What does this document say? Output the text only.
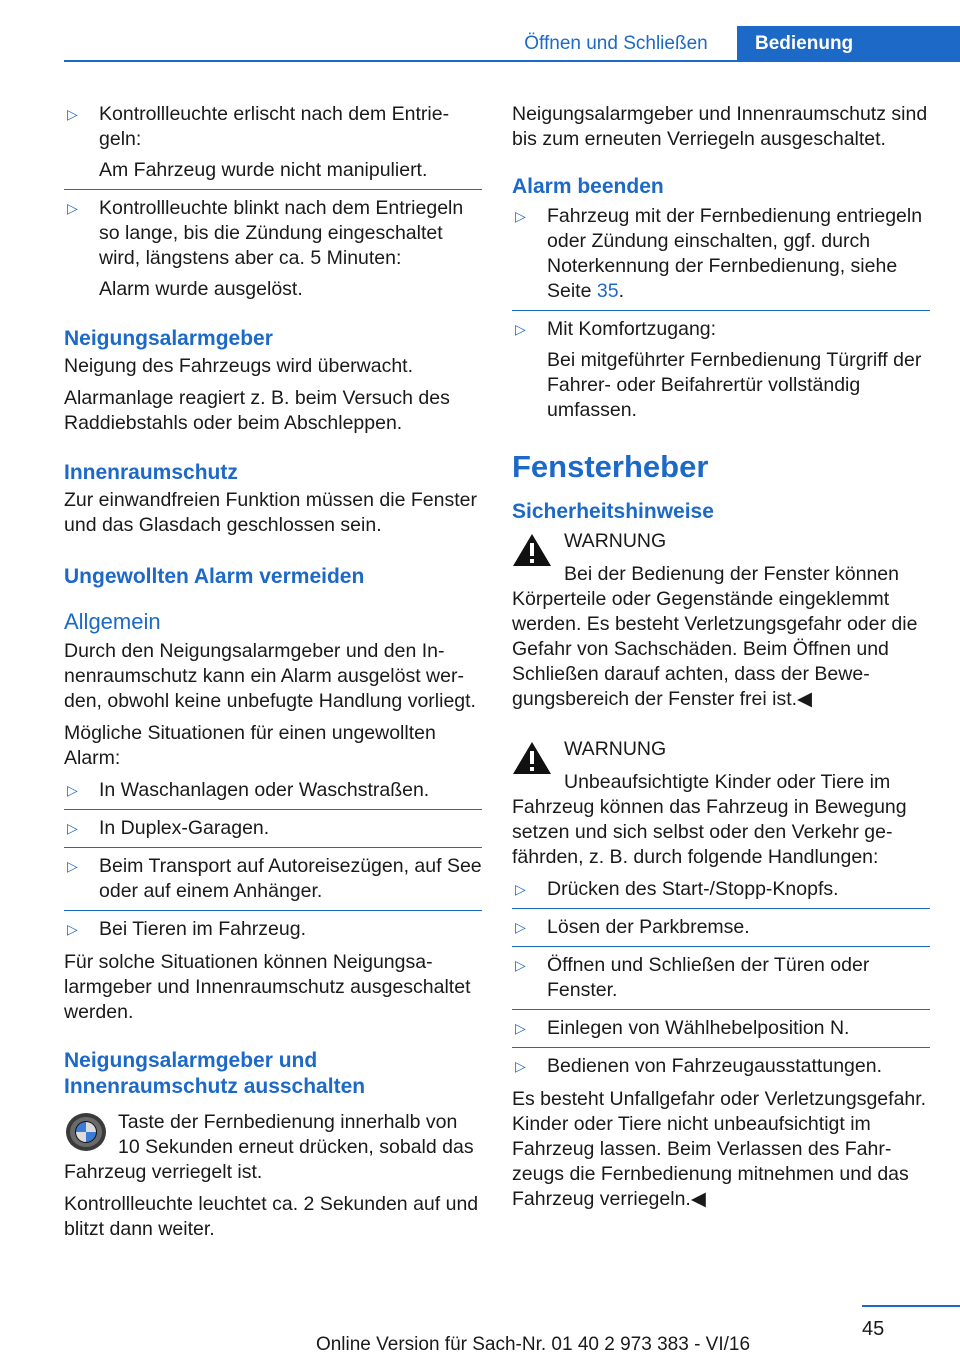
Öffnen und Schließen	Bedienung
▷ Kontrollleuchte erlischt nach dem Entriegeln:
Am Fahrzeug wurde nicht manipuliert.
▷ Kontrollleuchte blinkt nach dem Entriegeln so lange, bis die Zündung eingeschaltet wird, längstens aber ca. 5 Minuten:
Alarm wurde ausgelöst.
Neigungsalarmgeber

Neigung des Fahrzeugs wird überwacht.

Alarmanlage reagiert z. B. beim Versuch des Raddiebstahls oder beim Abschleppen.

Innenraumschutz

Zur einwandfreien Funktion müssen die Fenster und das Glasdach geschlossen sein.

Ungewollten Alarm vermeiden
Allgemein

Durch den Neigungsalarmgeber und den Innenraumschutz kann ein Alarm ausgelöst werden, obwohl keine unbefugte Handlung vorliegt.

Mögliche Situationen für einen ungewollten Alarm:

▷ In Waschanlagen oder Waschstraßen.
▷ In Duplex-Garagen.
▷ Beim Transport auf Autoreisezügen, auf See oder auf einem Anhänger.
▷ Bei Tieren im Fahrzeug.

Für solche Situationen können Neigungsalarmgeber und Innenraumschutz ausgeschaltet werden.

Neigungsalarmgeber und Innenraumschutz ausschalten

Taste der Fernbedienung innerhalb von 10 Sekunden erneut drücken, sobald das Fahrzeug verriegelt ist.

Kontrollleuchte leuchtet ca. 2 Sekunden auf und blitzt dann weiter.

Neigungsalarmgeber und Innenraumschutz sind bis zum erneuten Verriegeln ausgeschaltet.

Alarm beenden
▷ Fahrzeug mit der Fernbedienung entriegeln oder Zündung einschalten, ggf. durch Noterkennung der Fernbedienung, siehe Seite 35.
▷ Mit Komfortzugang:
Bei mitgeführter Fernbedienung Türgriff der Fahrer- oder Beifahrertür vollständig umfassen.
Fensterheber
Sicherheitshinweise
WARNUNG

Bei der Bedienung der Fenster können Körperteile oder Gegenstände eingeklemmt werden. Es besteht Verletzungsgefahr oder die Gefahr von Sachschäden. Beim Öffnen und Schließen darauf achten, dass der Bewegungsbereich der Fenster frei ist.◀

WARNUNG

Unbeaufsichtigte Kinder oder Tiere im Fahrzeug können das Fahrzeug in Bewegung setzen und sich selbst oder den Verkehr gefährden, z. B. durch folgende Handlungen:

▷ Drücken des Start-/Stopp-Knopfs.
▷ Lösen der Parkbremse.
▷ Öffnen und Schließen der Türen oder Fenster.
▷ Einlegen von Wählhebelposition N.
▷ Bedienen von Fahrzeugausstattungen.

Es besteht Unfallgefahr oder Verletzungsgefahr. Kinder oder Tiere nicht unbeaufsichtigt im Fahrzeug lassen. Beim Verlassen des Fahrzeugs die Fernbedienung mitnehmen und das Fahrzeug verriegeln.◀

45
Online Version für Sach-Nr. 01 40 2 973 383 - VI/16
